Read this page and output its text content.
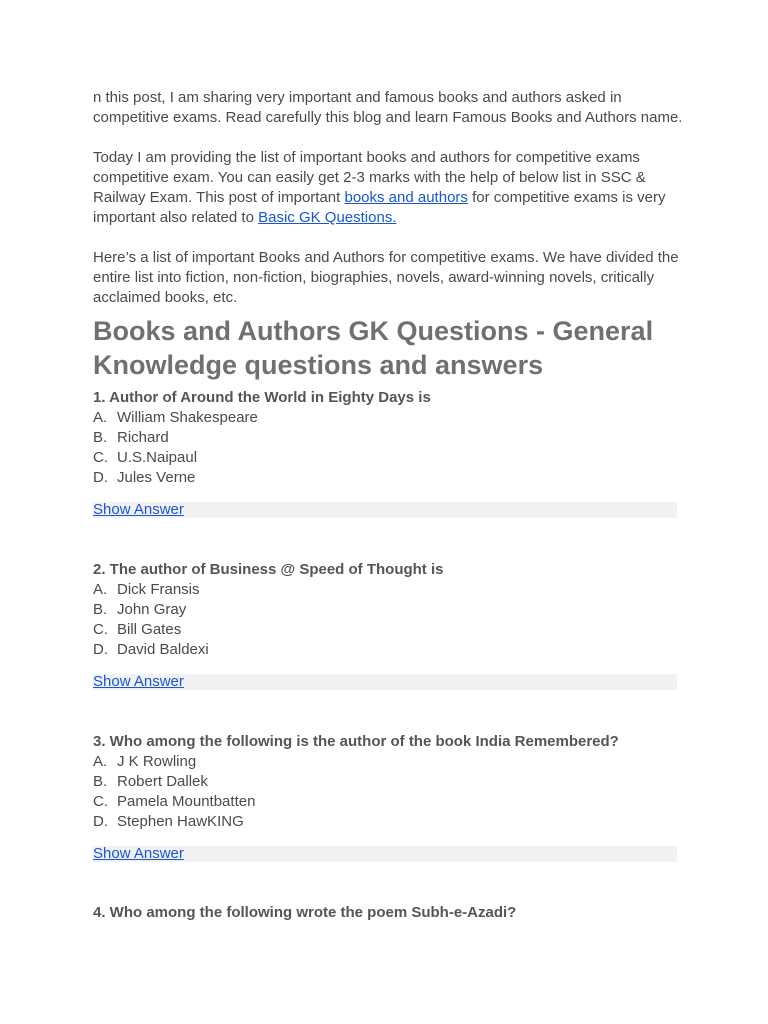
n this post, I am sharing very important and famous books and authors asked in competitive exams. Read carefully this blog and learn Famous Books and Authors name.

Today I am providing the list of important books and authors for competitive exams competitive exam. You can easily get 2-3 marks with the help of below list in SSC & Railway Exam. This post of important books and authors for competitive exams is very important also related to Basic GK Questions.

Here’s a list of important Books and Authors for competitive exams. We have divided the entire list into fiction, non-fiction, biographies, novels, award-winning novels, critically acclaimed books, etc.

Books and Authors GK Questions - General Knowledge questions and answers
1. Author of Around the World in Eighty Days is
A. William Shakespeare
B. Richard
C. U.S.Naipaul
D. Jules Verne
Show Answer
2. The author of Business @ Speed of Thought is
A. Dick Fransis
B. John Gray
C. Bill Gates
D. David Baldexi
Show Answer
3. Who among the following is the author of the book India Remembered?
A. J K Rowling
B. Robert Dallek
C. Pamela Mountbatten
D. Stephen HawKING
Show Answer
4. Who among the following wrote the poem Subh-e-Azadi?
